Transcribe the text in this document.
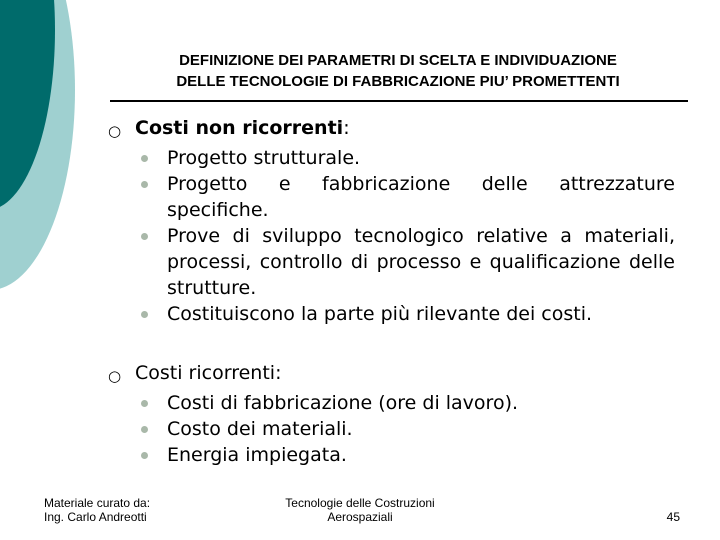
DEFINIZIONE DEI PARAMETRI DI SCELTA E INDIVIDUAZIONE
DELLE TECNOLOGIE DI FABBRICAZIONE PIU’ PROMETTENTI
○ Costi non ricorrenti:
Progetto strutturale.
Progetto e fabbricazione delle attrezzature specifiche.
Prove di sviluppo tecnologico relative a materiali, processi, controllo di processo e qualificazione delle strutture.
Costituiscono la parte più rilevante dei costi.
○ Costi ricorrenti:
Costi di fabbricazione (ore di lavoro).
Costo dei materiali.
Energia impiegata.
Materiale curato da:
Ing. Carlo Andreotti
Tecnologie delle Costruzioni
Aerospaziali	45
